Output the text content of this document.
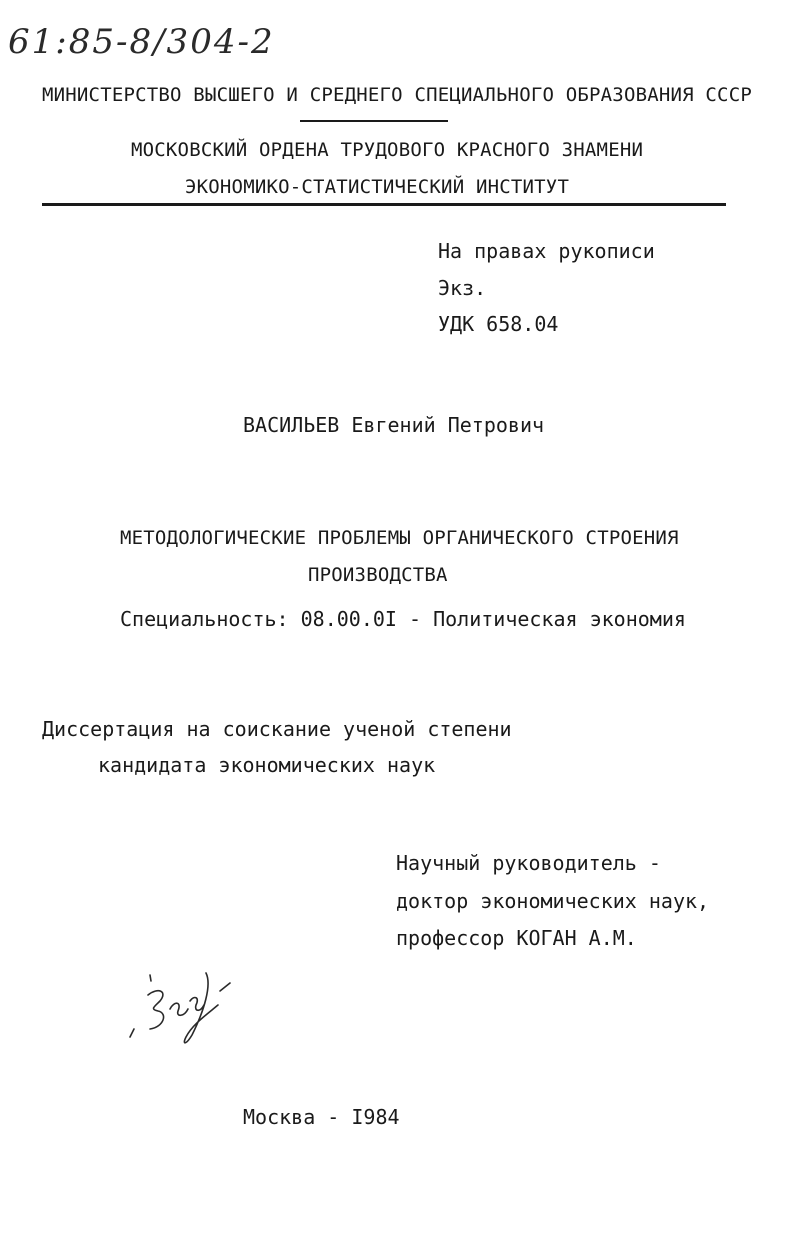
61:85-8/304-2
МИНИСТЕРСТВО ВЫСШЕГО И СРЕДНЕГО СПЕЦИАЛЬНОГО ОБРАЗОВАНИЯ СССР
МОСКОВСКИЙ ОРДЕНА ТРУДОВОГО КРАСНОГО ЗНАМЕНИ
ЭКОНОМИКО-СТАТИСТИЧЕСКИЙ ИНСТИТУТ
На правах рукописи
Экз.
УДК 658.04
ВАСИЛЬЕВ Евгений Петрович
МЕТОДОЛОГИЧЕСКИЕ ПРОБЛЕМЫ ОРГАНИЧЕСКОГО СТРОЕНИЯ
ПРОИЗВОДСТВА
Специальность: 08.00.0I - Политическая экономия
Диссертация на соискание ученой степени
кандидата экономических наук
Научный руководитель -
доктор экономических наук,
профессор КОГАН А.М.
Москва - I984
